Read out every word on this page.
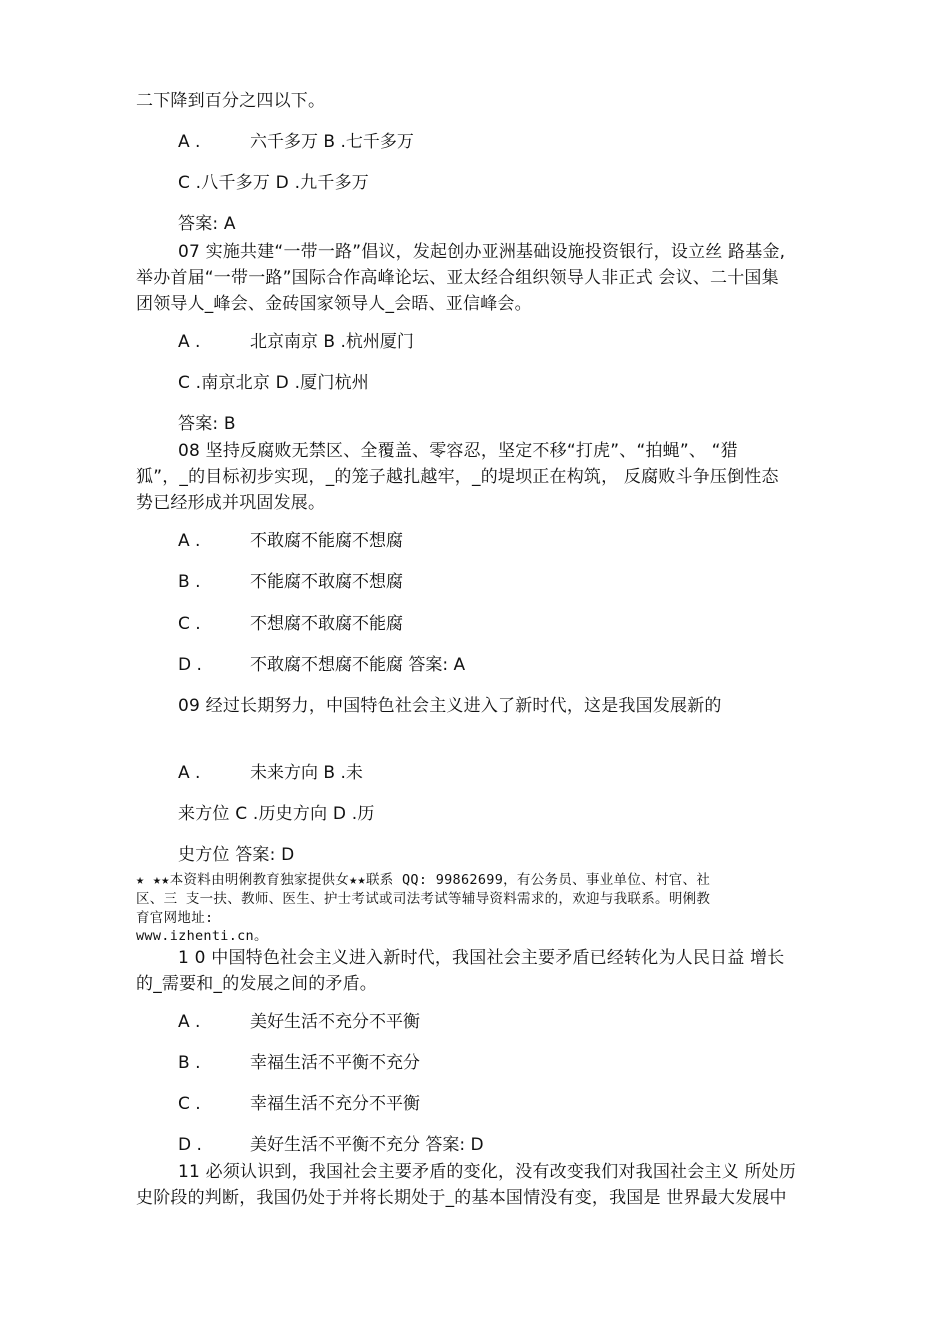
二下降到百分之四以下。
A .	六千多万 B .七千多万
C .八千多万 D .九千多万
答案: A
07 实施共建“一带一路”倡议，发起创办亚洲基础设施投资银行，设立丝 路基金,
举办首届“一带一路”国际合作高峰论坛、亚太经合组织领导人非正式 会议、二十国集
团领导人_峰会、金砖国家领导人_会晤、亚信峰会。
A .	北京南京 B .杭州厦门
C .南京北京 D .厦门杭州
答案: B
08 坚持反腐败无禁区、全覆盖、零容忍，坚定不移“打虎”、“拍蝇”、 “猎
狐”，_的目标初步实现，_的笼子越扎越牢，_的堤坝正在构筑， 反腐败斗争压倒性态
势已经形成并巩固发展。
A .	不敢腐不能腐不想腐
B .	不能腐不敢腐不想腐
C .	不想腐不敢腐不能腐
D .	不敢腐不想腐不能腐 答案: A
09 经过长期努力，中国特色社会主义进入了新时代，这是我国发展新的
A .	未来方向 B .未
来方位 C .历史方向 D .历
史方位 答案: D
★ ★★本资料由明俐教育独家提供女★★联系 QQ: 99862699，有公务员、事业单位、村官、社
区、三 支一扶、教师、医生、护士考试或司法考试等辅导资料需求的，欢迎与我联系。明俐教
育官网地址:
www.izhenti.cn。
1 0 中国特色社会主义进入新时代，我国社会主要矛盾已经转化为人民日益 增长
的_需要和_的发展之间的矛盾。
A .	美好生活不充分不平衡
B .	幸福生活不平衡不充分
C .	幸福生活不充分不平衡
D .	美好生活不平衡不充分 答案: D
11 必须认识到，我国社会主要矛盾的变化，没有改变我们对我国社会主义 所处历
史阶段的判断，我国仍处于并将长期处于_的基本国情没有变，我国是 世界最大发展中
